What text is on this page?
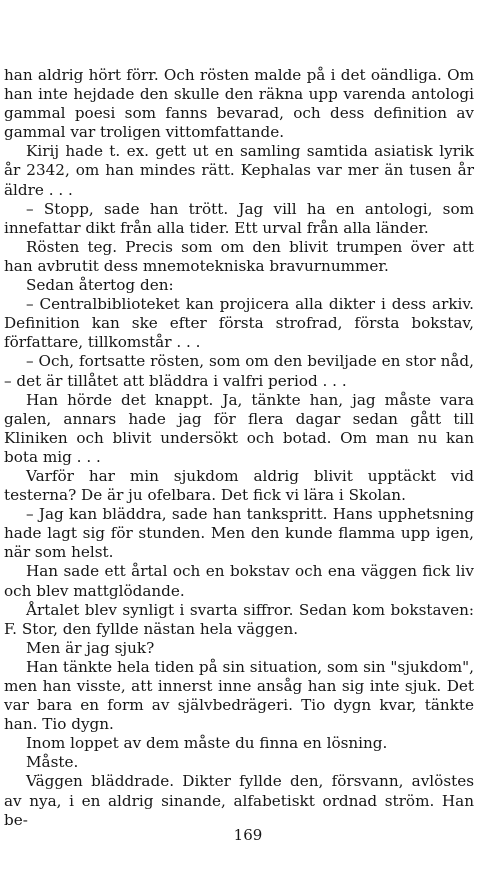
han aldrig hört förr. Och rösten malde på i det oändliga. Om han inte hejdade den skulle den räkna upp varenda antologi gammal poesi som fanns bevarad, och dess definition av gammal var troligen vittomfattande.

Kirij hade t. ex. gett ut en samling samtida asiatisk lyrik år 2342, om han mindes rätt. Kephalas var mer än tusen år äldre . . .

– Stopp, sade han trött. Jag vill ha en antologi, som innefattar dikt från alla tider. Ett urval från alla länder.

Rösten teg. Precis som om den blivit trumpen över att han avbrutit dess mnemotekniska bravurnummer.

Sedan återtog den:

– Centralbiblioteket kan projicera alla dikter i dess arkiv. Definition kan ske efter första strofrad, första bokstav, författare, tillkomstår . . .

– Och, fortsatte rösten, som om den beviljade en stor nåd, – det är tillåtet att bläddra i valfri period . . .

Han hörde det knappt. Ja, tänkte han, jag måste vara galen, annars hade jag för flera dagar sedan gått till Kliniken och blivit undersökt och botad. Om man nu kan bota mig . . .

Varför har min sjukdom aldrig blivit upptäckt vid testerna? De är ju ofelbara. Det fick vi lära i Skolan.

– Jag kan bläddra, sade han tankspritt. Hans upphetsning hade lagt sig för stunden. Men den kunde flamma upp igen, när som helst.

Han sade ett årtal och en bokstav och ena väggen fick liv och blev mattglödande.

Årtalet blev synligt i svarta siffror. Sedan kom bokstaven: F. Stor, den fyllde nästan hela väggen.

Men är jag sjuk?

Han tänkte hela tiden på sin situation, som sin "sjukdom", men han visste, att innerst inne ansåg han sig inte sjuk. Det var bara en form av självbedrägeri. Tio dygn kvar, tänkte han. Tio dygn.

Inom loppet av dem måste du finna en lösning.

Måste.

Väggen bläddrade. Dikter fyllde den, försvann, avlöstes av nya, i en aldrig sinande, alfabetiskt ordnad ström. Han be-

169
